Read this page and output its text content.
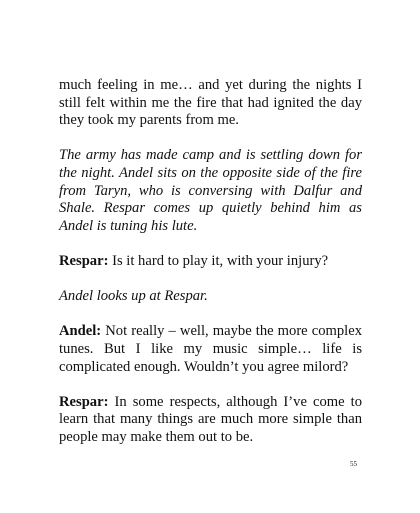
much feeling in me… and yet during the nights I still felt within me the fire that had ignited the day they took my parents from me.

The army has made camp and is settling down for the night. Andel sits on the opposite side of the fire from Taryn, who is conversing with Dalfur and Shale. Respar comes up quietly behind him as Andel is tuning his lute.

Respar: Is it hard to play it, with your injury?

Andel looks up at Respar.

Andel: Not really – well, maybe the more complex tunes. But I like my music simple… life is complicated enough. Wouldn’t you agree milord?

Respar: In some respects, although I’ve come to learn that many things are much more simple than people may make them out to be.

55
